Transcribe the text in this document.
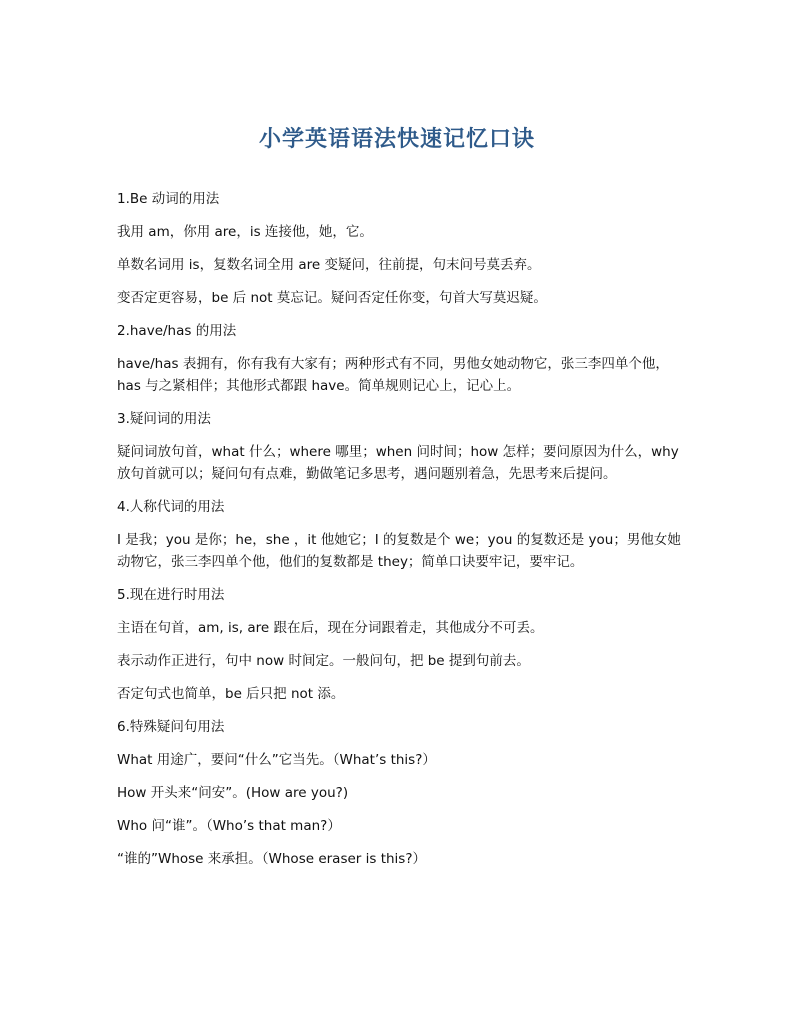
小学英语语法快速记忆口诀
1.Be 动词的用法
我用 am，你用 are，is 连接他，她，它。
单数名词用 is，复数名词全用 are 变疑问，往前提，句末问号莫丢弃。
变否定更容易，be 后 not 莫忘记。疑问否定任你变，句首大写莫迟疑。
2.have/has 的用法
have/has 表拥有，你有我有大家有；两种形式有不同，男他女她动物它，张三李四单个他，has 与之紧相伴；其他形式都跟 have。简单规则记心上，记心上。
3.疑问词的用法
疑问词放句首，what 什么；where 哪里；when 问时间；how 怎样；要问原因为什么，why 放句首就可以；疑问句有点难，勤做笔记多思考，遇问题别着急，先思考来后提问。
4.人称代词的用法
I 是我；you 是你；he，she ，it 他她它；I 的复数是个 we；you 的复数还是 you；男他女她动物它，张三李四单个他，他们的复数都是 they；简单口诀要牢记，要牢记。
5.现在进行时用法
主语在句首，am, is, are 跟在后，现在分词跟着走，其他成分不可丢。
表示动作正进行，句中 now 时间定。一般问句，把 be 提到句前去。
否定句式也简单，be 后只把 not 添。
6.特殊疑问句用法
What 用途广，要问“什么”它当先。（What’s this?）
How 开头来“问安”。(How are you?)
Who 问“谁”。（Who’s that man?）
“谁的”Whose 来承担。（Whose eraser is this?）
